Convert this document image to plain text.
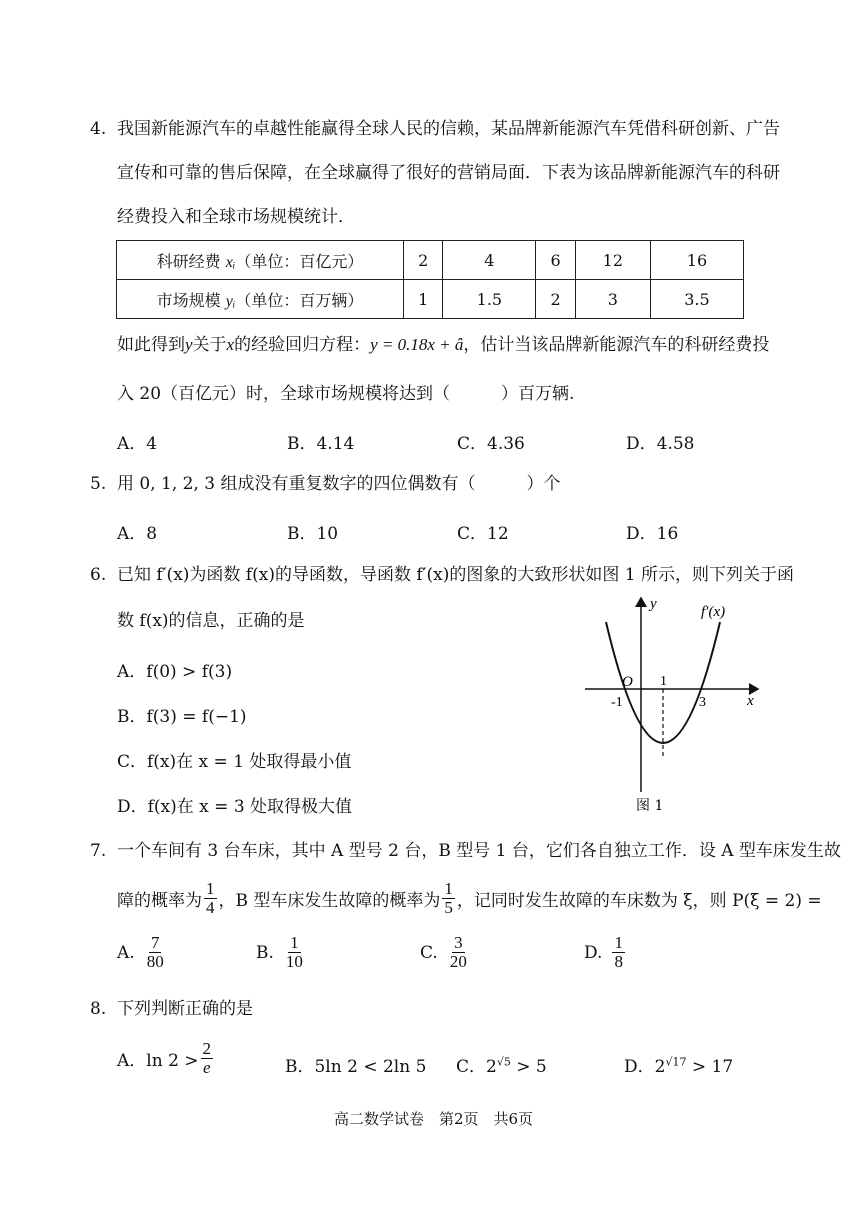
4. 我国新能源汽车的卓越性能赢得全球人民的信赖，某品牌新能源汽车凭借科研创新、广告
宣传和可靠的售后保障，在全球赢得了很好的营销局面．下表为该品牌新能源汽车的科研
经费投入和全球市场规模统计．
科研经费 xᵢ（单位：百亿元）	2	4	6	12	16
市场规模 yᵢ（单位：百万辆）	1	1.5	2	3	3.5
如此得到y关于x的经验回归方程：y = 0.18x + â，估计当该品牌新能源汽车的科研经费投
入 20（百亿元）时，全球市场规模将达到（　　　）百万辆.
A．4	B．4.14	C．4.36	D．4.58
5. 用 0, 1, 2, 3 组成没有重复数字的四位偶数有（　　　）个
A．8	B．10	C．12	D．16
6. 已知 f′(x)为函数 f(x)的导函数，导函数 f′(x)的图象的大致形状如图 1 所示，则下列关于函
数 f(x)的信息，正确的是
A．f(0) > f(3)
B．f(3) = f(−1)
C．f(x)在 x = 1 处取得最小值
D．f(x)在 x = 3 处取得极大值
f′(x)
y
x
O
-1
1
3
图 1
7. 一个车间有 3 台车床，其中 A 型号 2 台，B 型号 1 台，它们各自独立工作．设 A 型车床发生故
障的概率为 $\frac{1}{4}$ ，B 型车床发生故障的概率为 $\frac{1}{5}$ ，记同时发生故障的车床数为 ξ，则 P(ξ = 2) =
A. $\frac{7}{80}$	B. $\frac{1}{10}$	C. $\frac{3}{20}$	D. $\frac{1}{8}$
8. 下列判断正确的是
A．$\ln 2 > \frac{2}{e}$	B．5ln 2 < 2ln 5 C．$2^{√5} > 5$	D．$2^{√17} > 17$
高二数学试卷　第2页　共6页
